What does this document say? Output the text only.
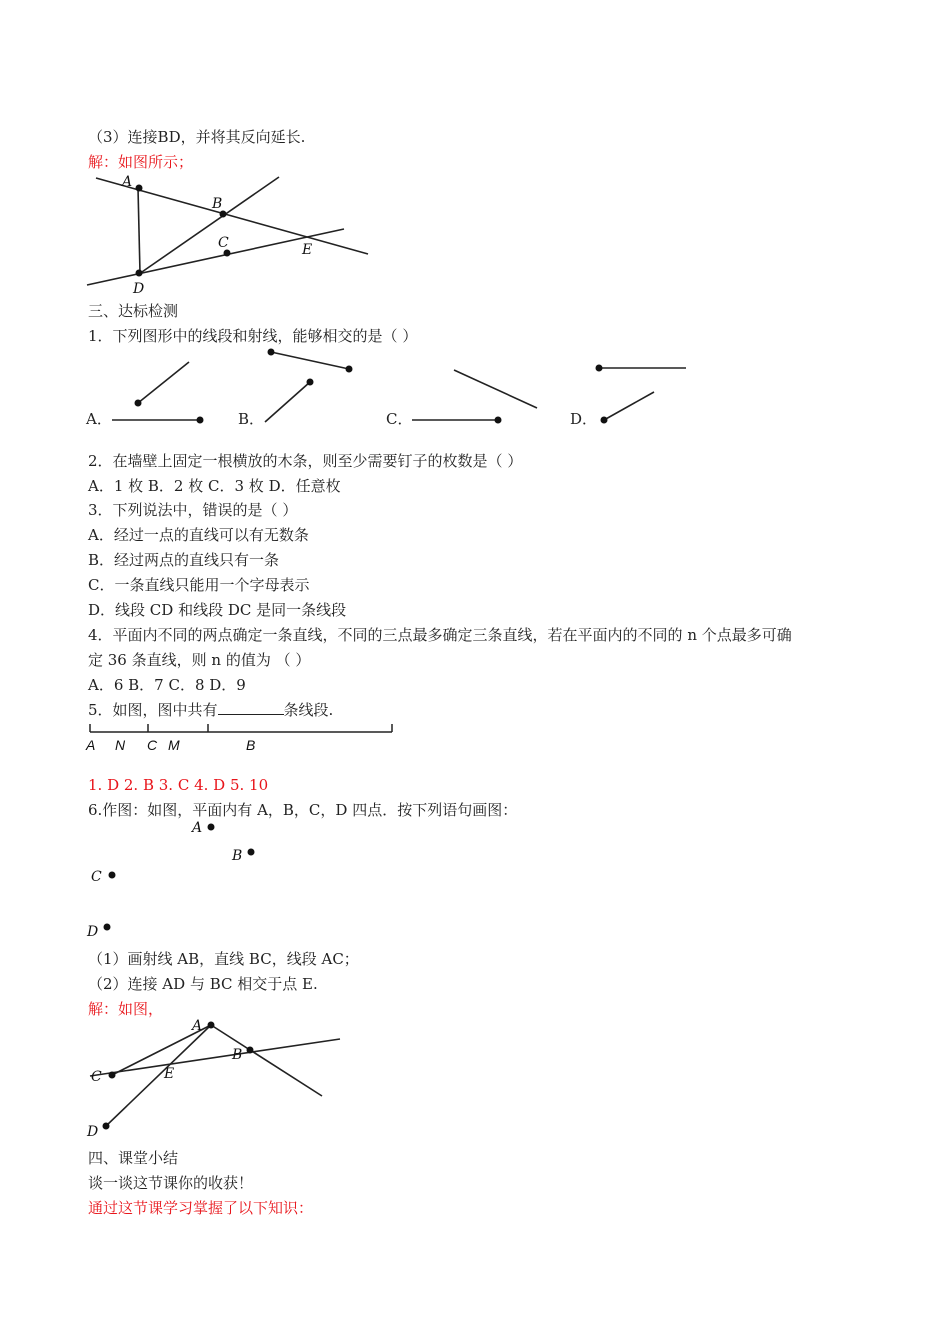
（3）连接BD，并将其反向延长.
解：如图所示；
A
B
C
D
E
三、达标检测
1．下列图形中的线段和射线，能够相交的是（ ）
A．	B．	C．	D．
2．在墙壁上固定一根横放的木条，则至少需要钉子的枚数是（ ）
A．1 枚 B．2 枚 C．3 枚 D．任意枚
3．下列说法中，错误的是（ ）
A．经过一点的直线可以有无数条
B．经过两点的直线只有一条
C．一条直线只能用一个字母表示
D．线段 CD 和线段 DC 是同一条线段
4．平面内不同的两点确定一条直线，不同的三点最多确定三条直线，若在平面内的不同的 n 个点最多可确
定 36 条直线，则 n 的值为 （ ）
A．6 B．7 C．8 D．9
5．如图，图中共有	条线段.
A N C M	B
1. D 2. B 3. C 4. D 5. 10
6.作图：如图，平面内有 A，B，C，D 四点．按下列语句画图：
A
B
C
D
（1）画射线 AB，直线 BC，线段 AC；
（2）连接 AD 与 BC 相交于点 E.
解：如图，
A
B
C	E
D
四、课堂小结
谈一谈这节课你的收获！
通过这节课学习掌握了以下知识：
